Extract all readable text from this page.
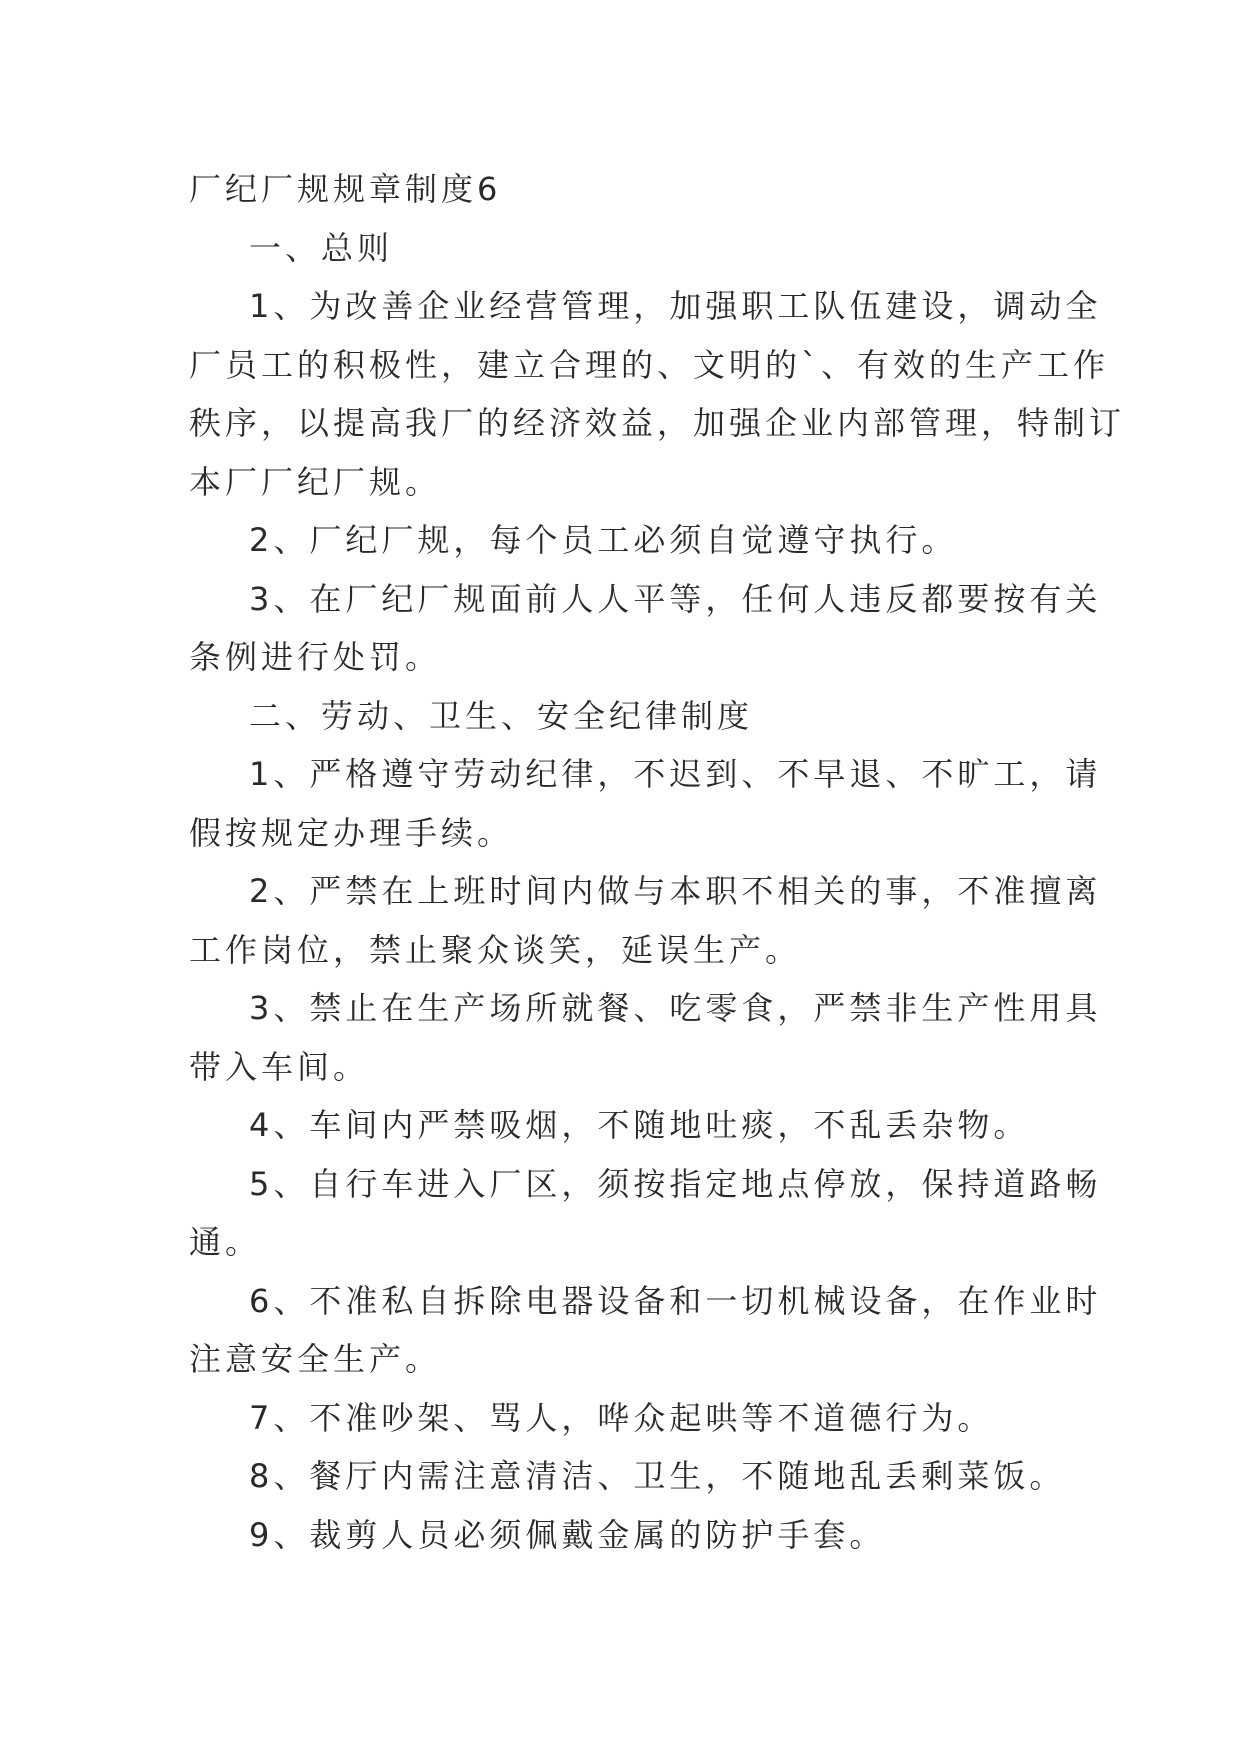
厂纪厂规规章制度6

一、总则

1、为改善企业经营管理，加强职工队伍建设，调动全

厂员工的积极性，建立合理的、文明的`、有效的生产工作

秩序，以提高我厂的经济效益，加强企业内部管理，特制订

本厂厂纪厂规。

2、厂纪厂规，每个员工必须自觉遵守执行。

3、在厂纪厂规面前人人平等，任何人违反都要按有关

条例进行处罚。

二、劳动、卫生、安全纪律制度

1、严格遵守劳动纪律，不迟到、不早退、不旷工，请

假按规定办理手续。

2、严禁在上班时间内做与本职不相关的事，不准擅离

工作岗位，禁止聚众谈笑，延误生产。

3、禁止在生产场所就餐、吃零食，严禁非生产性用具

带入车间。

4、车间内严禁吸烟，不随地吐痰，不乱丢杂物。

5、自行车进入厂区，须按指定地点停放，保持道路畅

通。

6、不准私自拆除电器设备和一切机械设备，在作业时

注意安全生产。

7、不准吵架、骂人，哗众起哄等不道德行为。

8、餐厅内需注意清洁、卫生，不随地乱丢剩菜饭。

9、裁剪人员必须佩戴金属的防护手套。
